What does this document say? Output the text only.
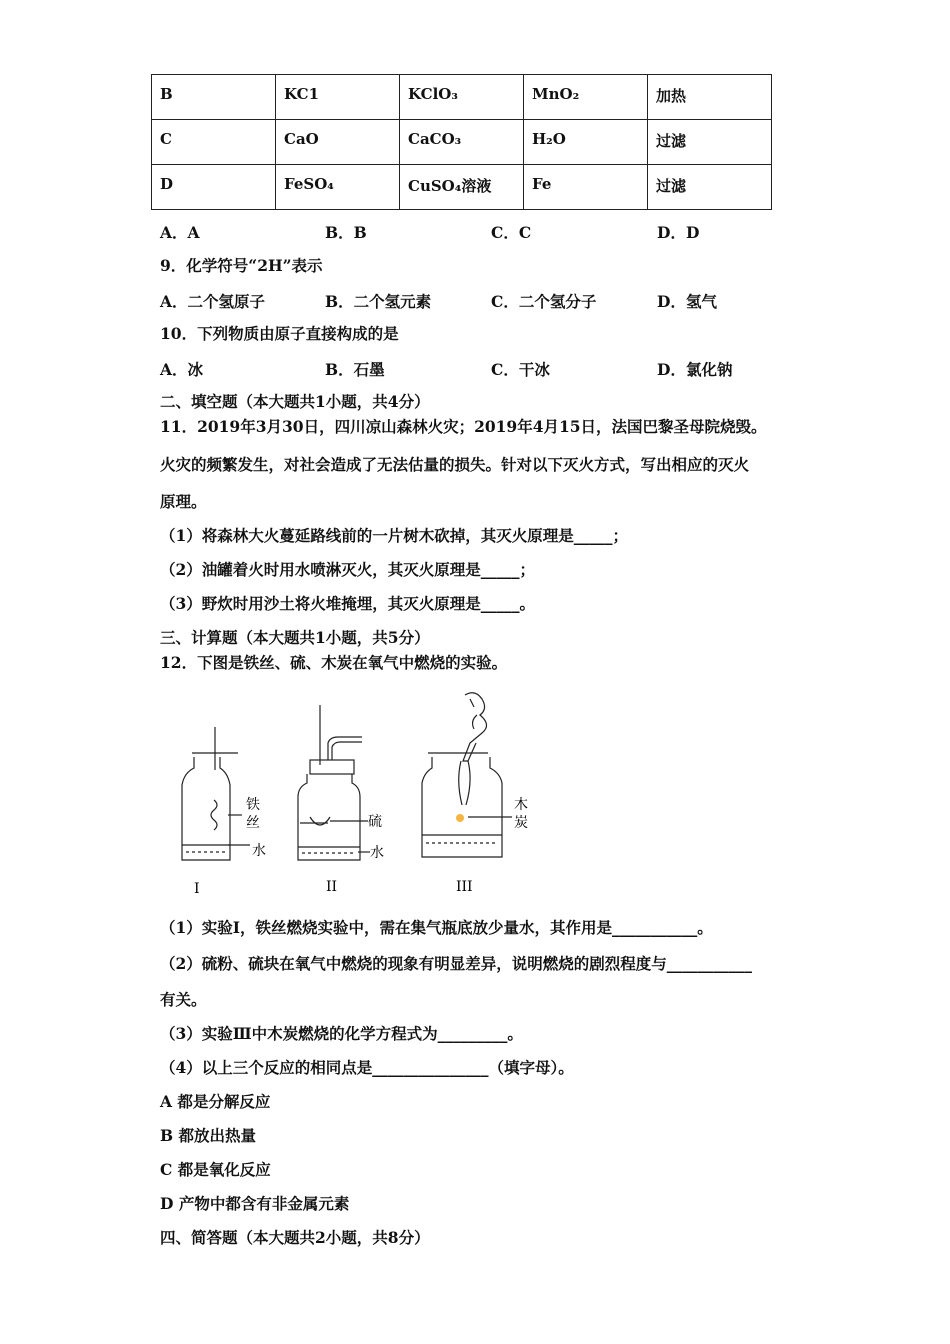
B	KC1	KClO₃	MnO₂	加热
C	CaO	CaCO₃	H₂O	过滤
D	FeSO₄	CuSO₄溶液	Fe	过滤
A．A	B．B	C．C	D．D
9．化学符号“2H”表示
A．二个氢原子	B．二个氢元素	C．二个氢分子	D．氢气
10．下列物质由原子直接构成的是
A．冰	B．石墨	C．干冰	D．氯化钠
二、填空题（本大题共1小题，共4分）
11．2019年3月30日，四川凉山森林火灾；2019年4月15日，法国巴黎圣母院烧毁。
火灾的频繁发生，对社会造成了无法估量的损失。针对以下灭火方式，写出相应的灭火
原理。
（1）将森林大火蔓延路线前的一片树木砍掉，其灭火原理是_____；
（2）油罐着火时用水喷淋灭火，其灭火原理是_____；
（3）野炊时用沙土将火堆掩埋，其灭火原理是_____。
三、计算题（本大题共1小题，共5分）
12．下图是铁丝、硫、木炭在氧气中燃烧的实验。
铁
丝
水
I
硫
水
II
木
炭
III
（1）实验Ⅰ，铁丝燃烧实验中，需在集气瓶底放少量水，其作用是___________。
（2）硫粉、硫块在氧气中燃烧的现象有明显差异，说明燃烧的剧烈程度与___________
有关。
（3）实验Ⅲ中木炭燃烧的化学方程式为_________。
（4）以上三个反应的相同点是_______________（填字母）。
A 都是分解反应
B 都放出热量
C 都是氧化反应
D 产物中都含有非金属元素
四、简答题（本大题共2小题，共8分）
